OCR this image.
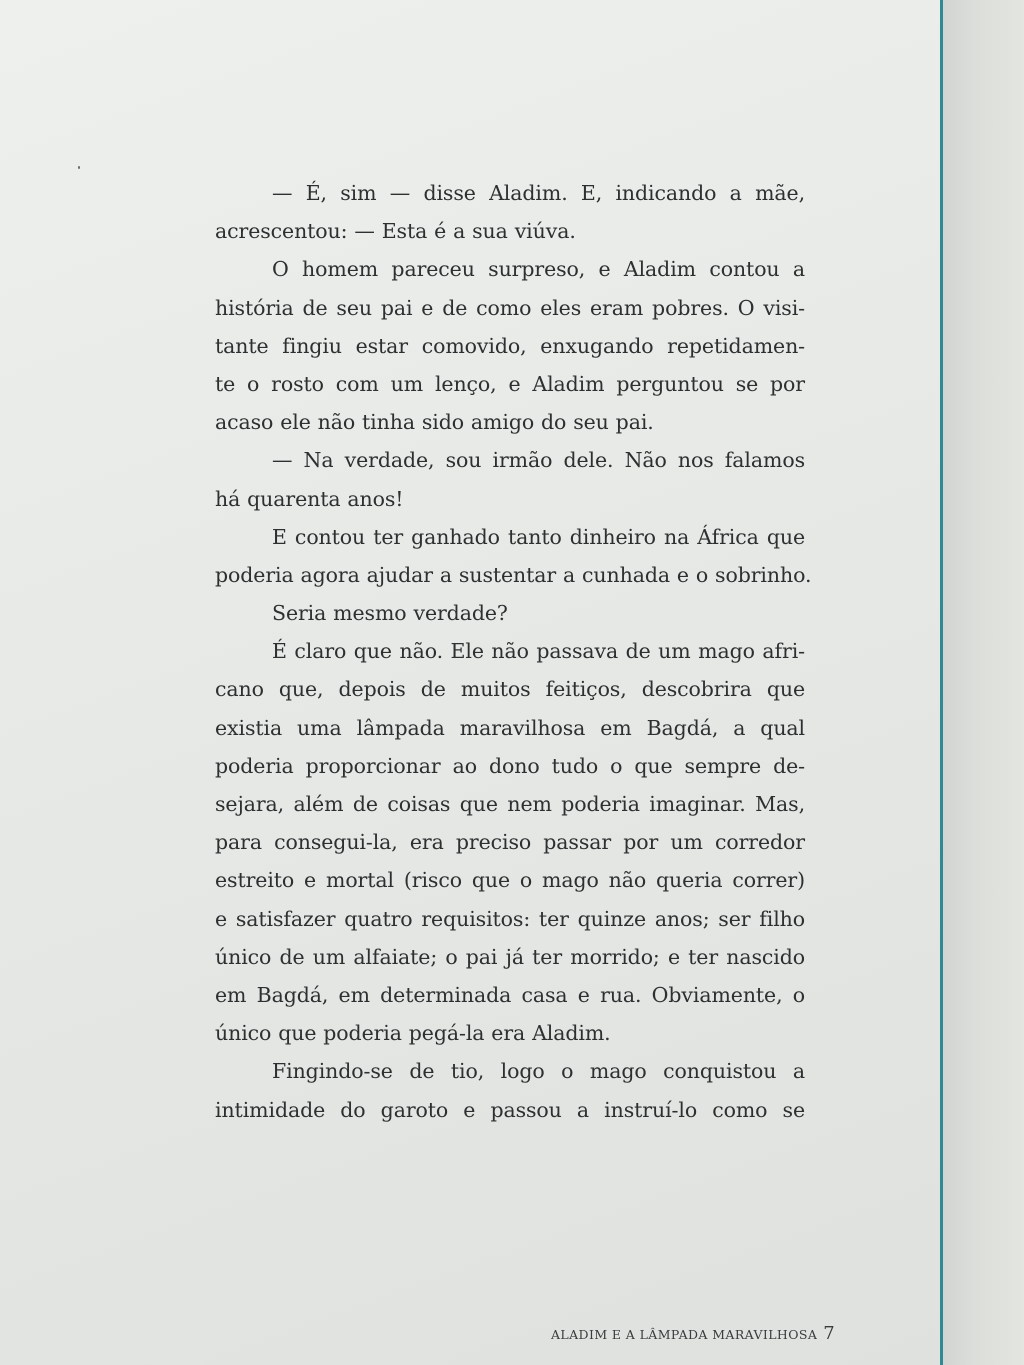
— É, sim — disse Aladim. E, indicando a mãe,
acrescentou: — Esta é a sua viúva.
O homem pareceu surpreso, e Aladim contou a
história de seu pai e de como eles eram pobres. O visi-
tante fingiu estar comovido, enxugando repetidamen-
te o rosto com um lenço, e Aladim perguntou se por
acaso ele não tinha sido amigo do seu pai.
— Na verdade, sou irmão dele. Não nos falamos
há quarenta anos!
E contou ter ganhado tanto dinheiro na África que
poderia agora ajudar a sustentar a cunhada e o sobrinho.
Seria mesmo verdade?
É claro que não. Ele não passava de um mago afri-
cano que, depois de muitos feitiços, descobrira que
existia uma lâmpada maravilhosa em Bagdá, a qual
poderia proporcionar ao dono tudo o que sempre de-
sejara, além de coisas que nem poderia imaginar. Mas,
para consegui-la, era preciso passar por um corredor
estreito e mortal (risco que o mago não queria correr)
e satisfazer quatro requisitos: ter quinze anos; ser filho
único de um alfaiate; o pai já ter morrido; e ter nascido
em Bagdá, em determinada casa e rua. Obviamente, o
único que poderia pegá-la era Aladim.
Fingindo-se de tio, logo o mago conquistou a
intimidade do garoto e passou a instruí-lo como se
ALADIM E A LÂMPADA MARAVILHOSA 7
